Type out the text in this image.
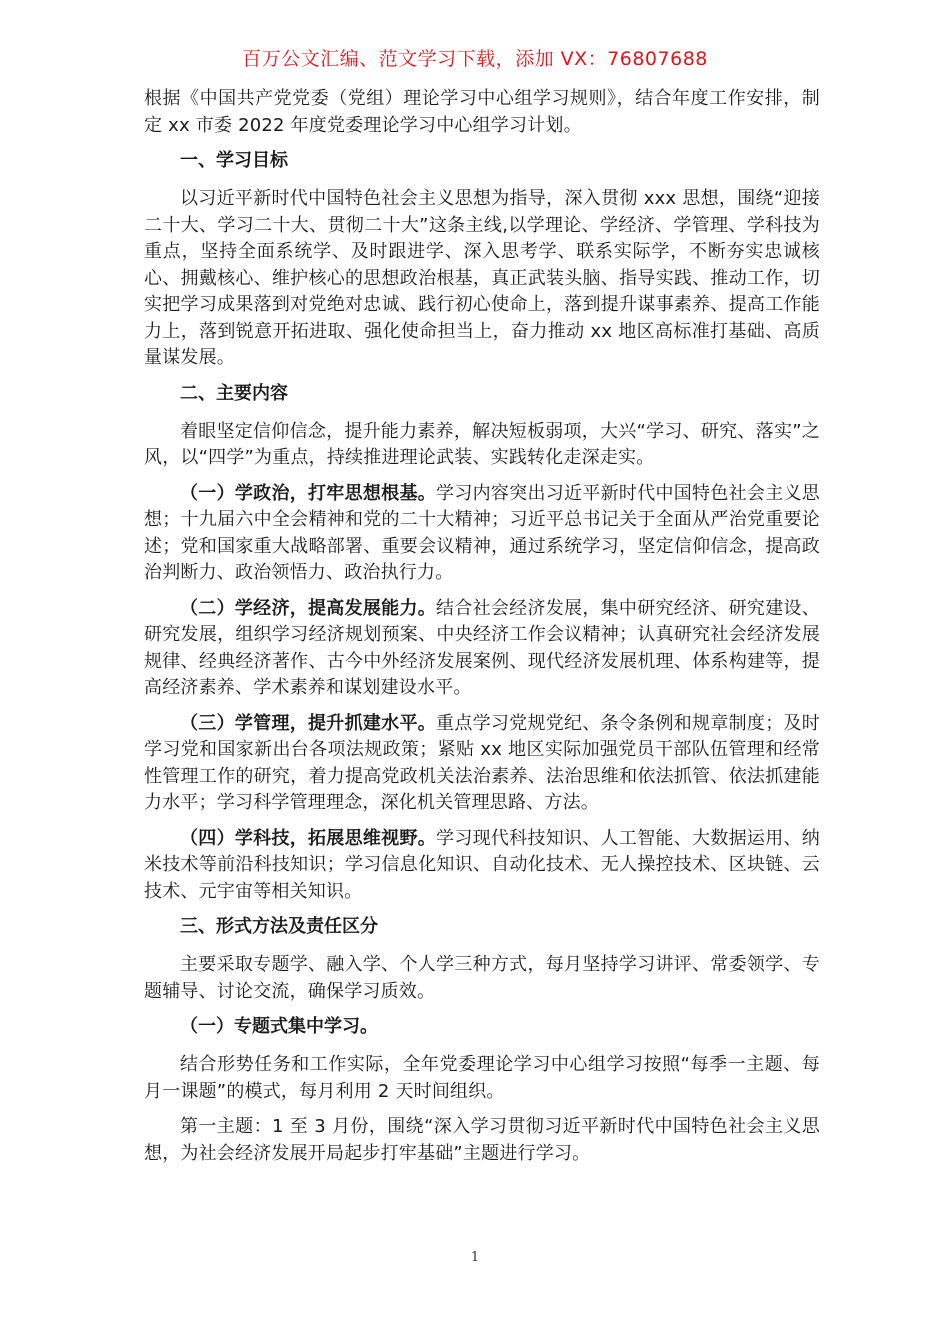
百万公文汇编、范文学习下载，添加 VX：76807688

根据《中国共产党党委（党组）理论学习中心组学习规则》，结合年度工作安排，制定 xx 市委 2022 年度党委理论学习中心组学习计划。

一、学习目标

以习近平新时代中国特色社会主义思想为指导，深入贯彻 xxx 思想，围绕“迎接二十大、学习二十大、贯彻二十大”这条主线,以学理论、学经济、学管理、学科技为重点，坚持全面系统学、及时跟进学、深入思考学、联系实际学，不断夯实忠诚核心、拥戴核心、维护核心的思想政治根基，真正武装头脑、指导实践、推动工作，切实把学习成果落到对党绝对忠诚、践行初心使命上，落到提升谋事素养、提高工作能力上，落到锐意开拓进取、强化使命担当上，奋力推动 xx 地区高标准打基础、高质量谋发展。

二、主要内容

着眼坚定信仰信念，提升能力素养，解决短板弱项，大兴“学习、研究、落实”之风，以“四学”为重点，持续推进理论武装、实践转化走深走实。

（一）学政治，打牢思想根基。学习内容突出习近平新时代中国特色社会主义思想；十九届六中全会精神和党的二十大精神；习近平总书记关于全面从严治党重要论述；党和国家重大战略部署、重要会议精神，通过系统学习，坚定信仰信念，提高政治判断力、政治领悟力、政治执行力。

（二）学经济，提高发展能力。结合社会经济发展，集中研究经济、研究建设、研究发展，组织学习经济规划预案、中央经济工作会议精神；认真研究社会经济发展规律、经典经济著作、古今中外经济发展案例、现代经济发展机理、体系构建等，提高经济素养、学术素养和谋划建设水平。

（三）学管理，提升抓建水平。重点学习党规党纪、条令条例和规章制度；及时学习党和国家新出台各项法规政策；紧贴 xx 地区实际加强党员干部队伍管理和经常性管理工作的研究，着力提高党政机关法治素养、法治思维和依法抓管、依法抓建能力水平；学习科学管理理念，深化机关管理思路、方法。

（四）学科技，拓展思维视野。学习现代科技知识、人工智能、大数据运用、纳米技术等前沿科技知识；学习信息化知识、自动化技术、无人操控技术、区块链、云技术、元宇宙等相关知识。

三、形式方法及责任区分

主要采取专题学、融入学、个人学三种方式，每月坚持学习讲评、常委领学、专题辅导、讨论交流，确保学习质效。

（一）专题式集中学习。

结合形势任务和工作实际，全年党委理论学习中心组学习按照“每季一主题、每月一课题”的模式，每月利用 2 天时间组织。

第一主题：1 至 3 月份，围绕“深入学习贯彻习近平新时代中国特色社会主义思想，为社会经济发展开局起步打牢基础”主题进行学习。

1
